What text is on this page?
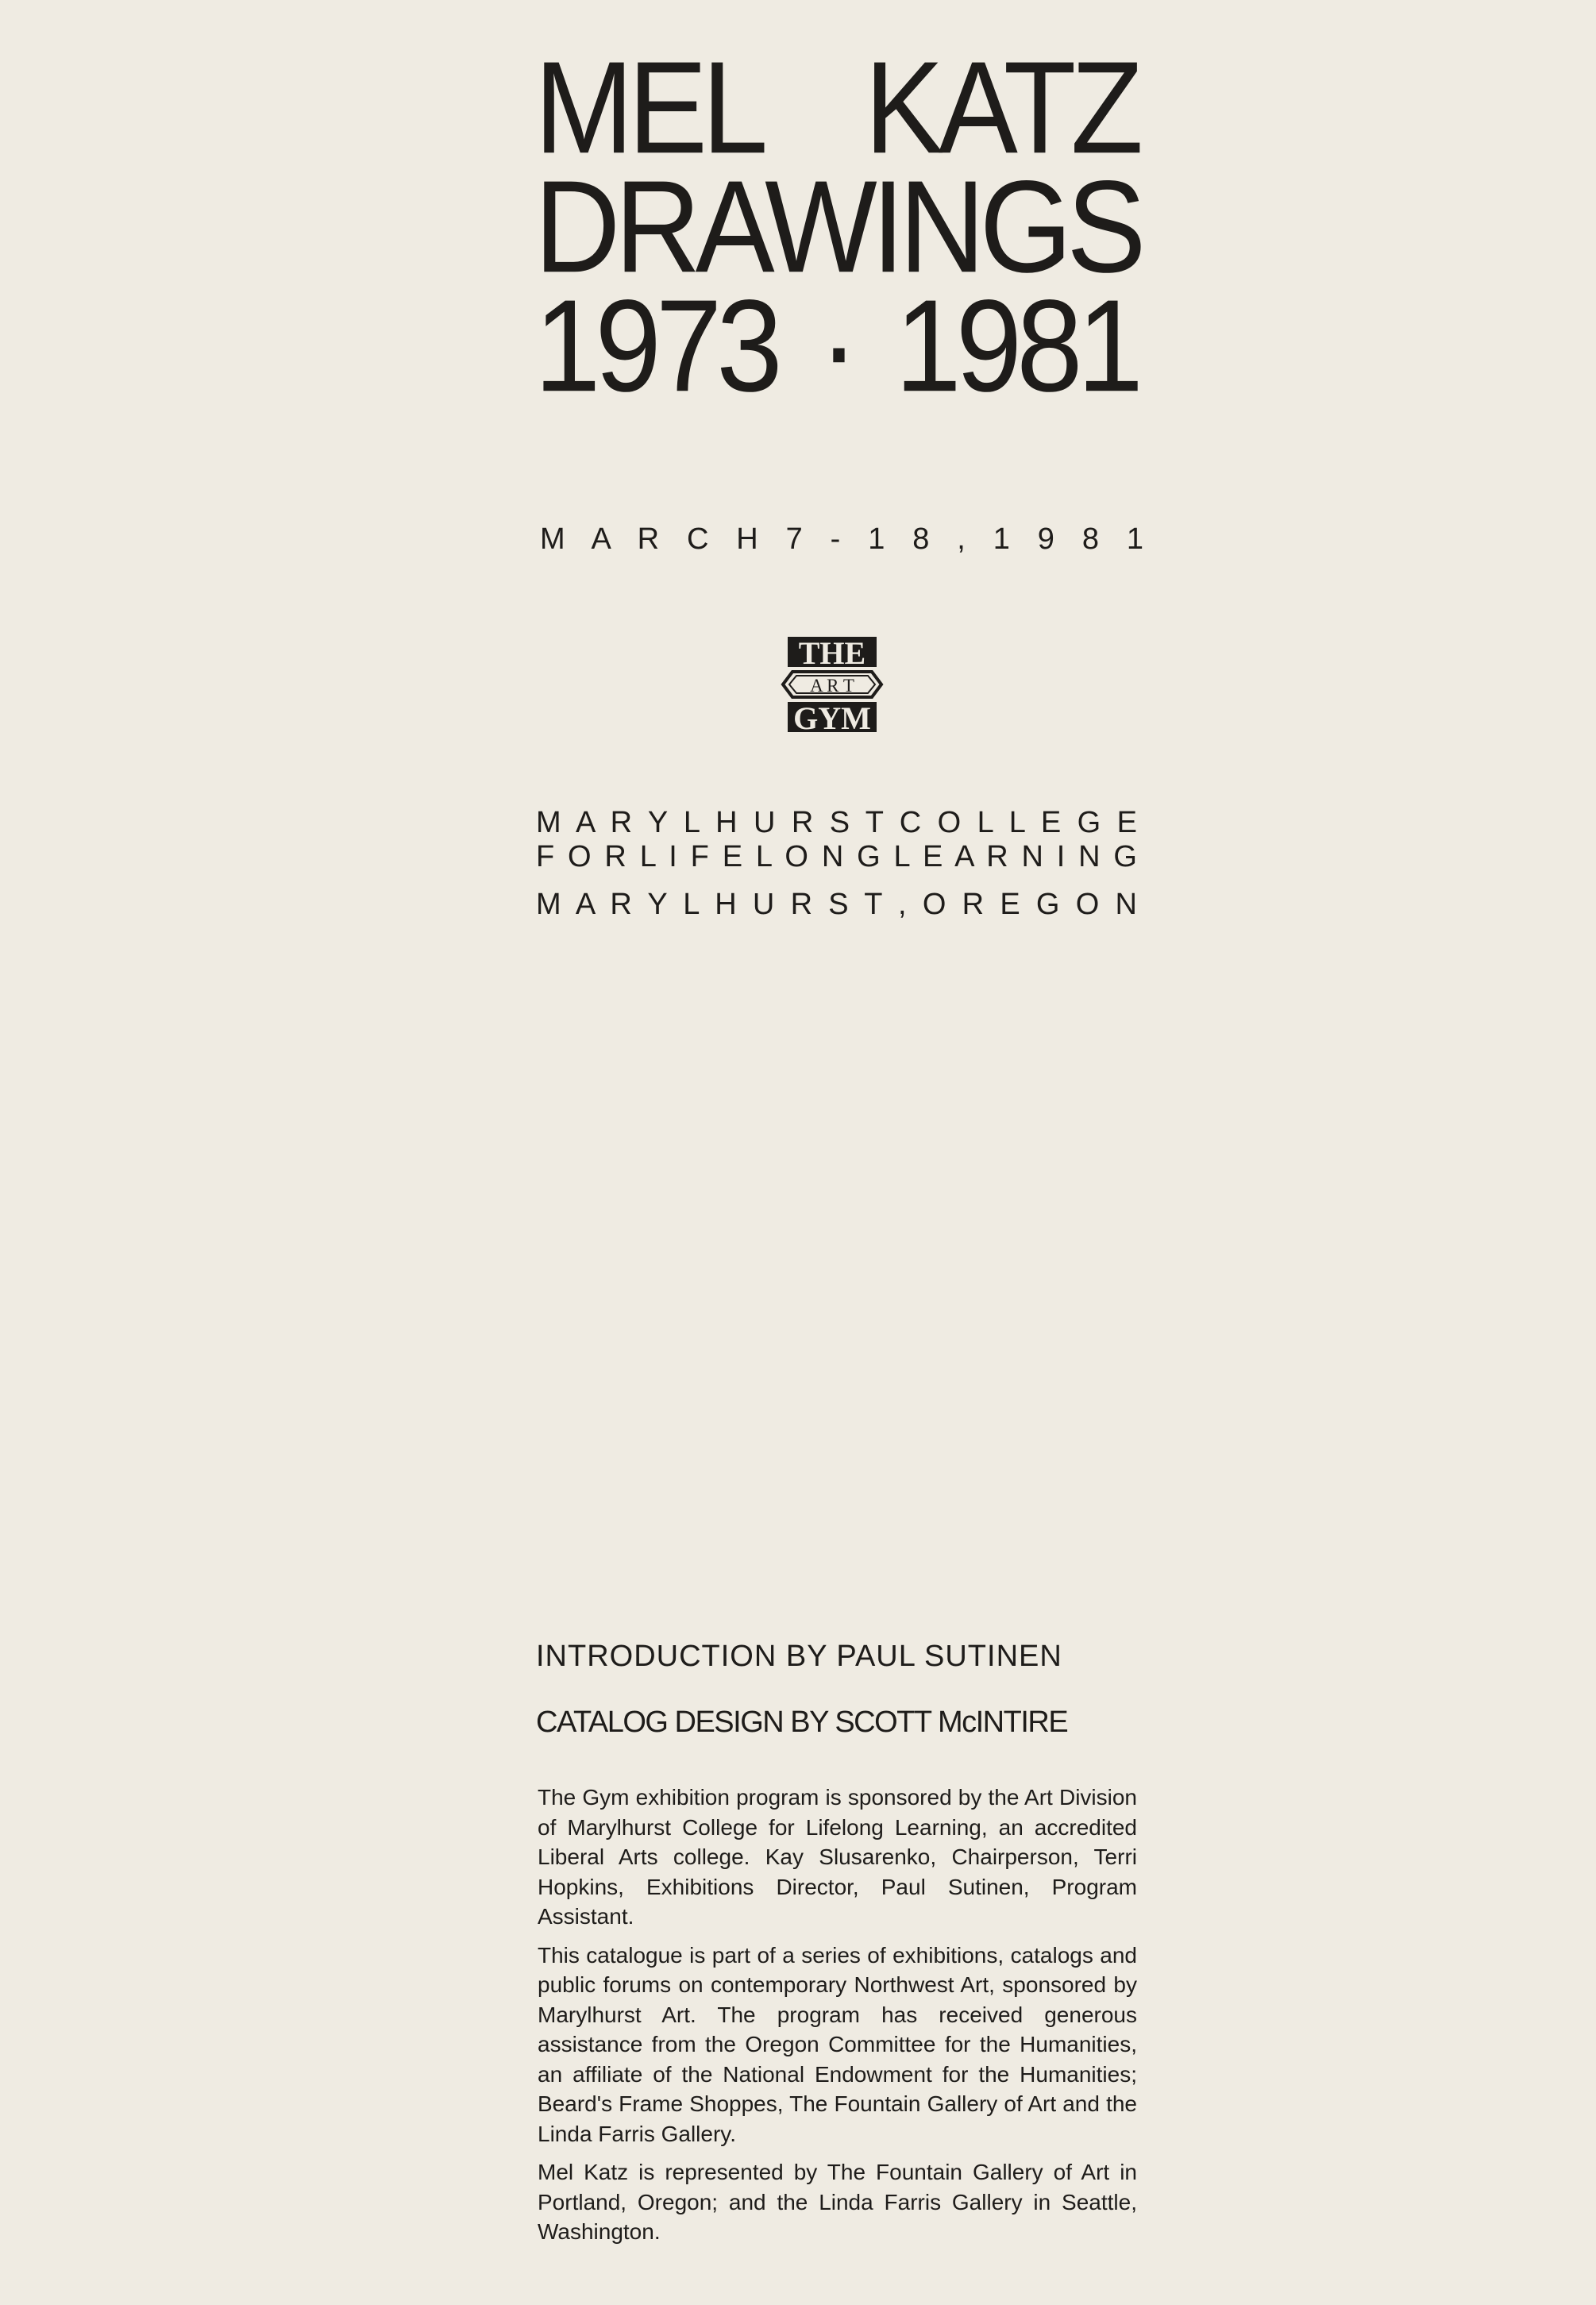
MEL KATZ
DRAWINGS
1973 · 1981
M A R C H 7 - 1 8 , 1 9 8 1
THE
A R T
GYM
M A R Y L H U R S T C O L L E G E
F O R L I F E L O N G L E A R N I N G
M A R Y L H U R S T , O R E G O N
INTRODUCTION BY PAUL SUTINEN
CATALOG DESIGN BY SCOTT McINTIRE

The Gym exhibition program is sponsored by the Art Division of Marylhurst College for Lifelong Learning, an accredited Liberal Arts college. Kay Slusarenko, Chairperson, Terri Hopkins, Exhibitions Director, Paul Sutinen, Program Assistant.

This catalogue is part of a series of exhibitions, catalogs and public forums on contemporary Northwest Art, sponsored by Marylhurst Art. The program has received generous assistance from the Oregon Committee for the Humanities, an affiliate of the National Endowment for the Humanities; Beard's Frame Shoppes, The Fountain Gallery of Art and the Linda Farris Gallery.

Mel Katz is represented by The Fountain Gallery of Art in Portland, Oregon; and the Linda Farris Gallery in Seattle, Washington.
